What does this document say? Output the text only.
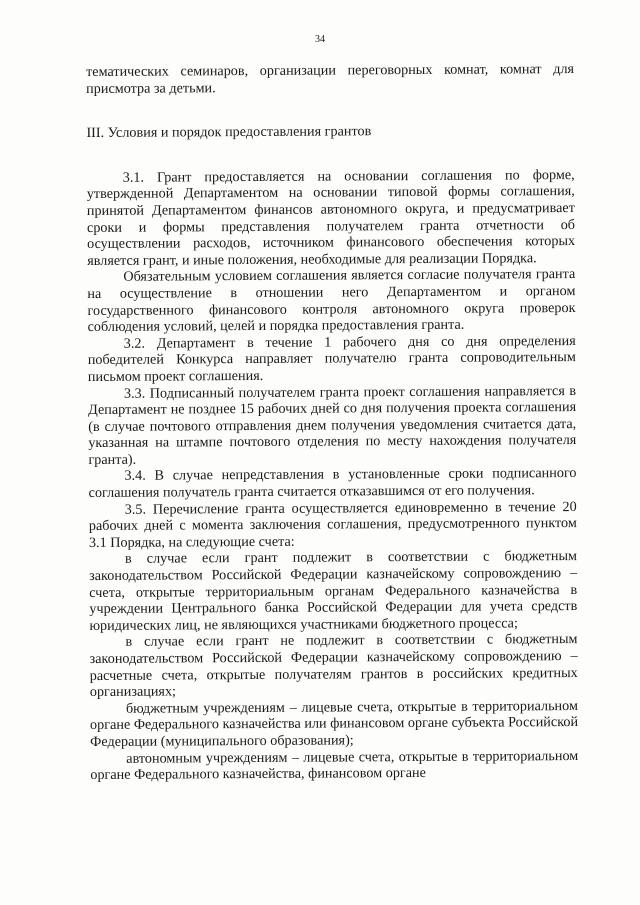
34

тематических семинаров, организации переговорных комнат, комнат для присмотра за детьми.

III. Условия и порядок предоставления грантов

3.1. Грант предоставляется на основании соглашения по форме, утвержденной Департаментом на основании типовой формы соглашения, принятой Департаментом финансов автономного округа, и предусматривает сроки и формы представления получателем гранта отчетности об осуществлении расходов, источником финансового обеспечения которых является грант, и иные положения, необходимые для реализации Порядка.

Обязательным условием соглашения является согласие получателя гранта на осуществление в отношении него Департаментом и органом государственного финансового контроля автономного округа проверок соблюдения условий, целей и порядка предоставления гранта.

3.2. Департамент в течение 1 рабочего дня со дня определения победителей Конкурса направляет получателю гранта сопроводительным письмом проект соглашения.

3.3. Подписанный получателем гранта проект соглашения направляется в Департамент не позднее 15 рабочих дней со дня получения проекта соглашения (в случае почтового отправления днем получения уведомления считается дата, указанная на штампе почтового отделения по месту нахождения получателя гранта).

3.4. В случае непредставления в установленные сроки подписанного соглашения получатель гранта считается отказавшимся от его получения.

3.5. Перечисление гранта осуществляется единовременно в течение 20 рабочих дней с момента заключения соглашения, предусмотренного пунктом 3.1 Порядка, на следующие счета:

в случае если грант подлежит в соответствии с бюджетным законодательством Российской Федерации казначейскому сопровождению – счета, открытые территориальным органам Федерального казначейства в учреждении Центрального банка Российской Федерации для учета средств юридических лиц, не являющихся участниками бюджетного процесса;

в случае если грант не подлежит в соответствии с бюджетным законодательством Российской Федерации казначейскому сопровождению – расчетные счета, открытые получателям грантов в российских кредитных организациях;

бюджетным учреждениям – лицевые счета, открытые в территориальном органе Федерального казначейства или финансовом органе субъекта Российской Федерации (муниципального образования);

автономным учреждениям – лицевые счета, открытые в территориальном органе Федерального казначейства, финансовом органе
